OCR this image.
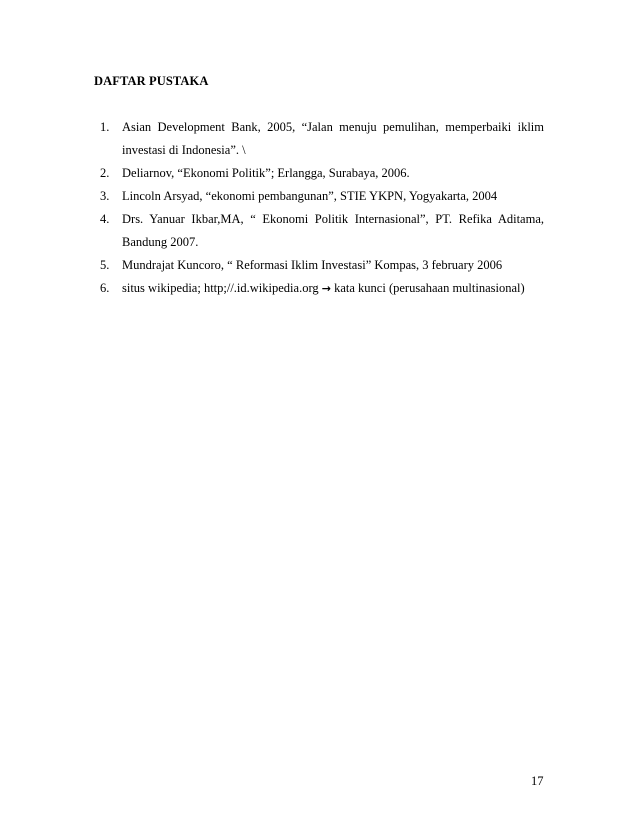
DAFTAR PUSTAKA
1.	Asian Development Bank, 2005, “Jalan menuju pemulihan, memperbaiki iklim investasi di Indonesia”. \
2.	Deliarnov, “Ekonomi Politik”; Erlangga, Surabaya, 2006.
3.	Lincoln Arsyad, “ekonomi pembangunan”, STIE YKPN, Yogyakarta, 2004
4.	Drs. Yanuar Ikbar,MA, “ Ekonomi Politik Internasional”, PT. Refika Aditama, Bandung 2007.
5.	Mundrajat Kuncoro, “ Reformasi Iklim Investasi” Kompas, 3 february 2006
6.	situs wikipedia; http;//.id.wikipedia.org → kata kunci (perusahaan multinasional)
17
